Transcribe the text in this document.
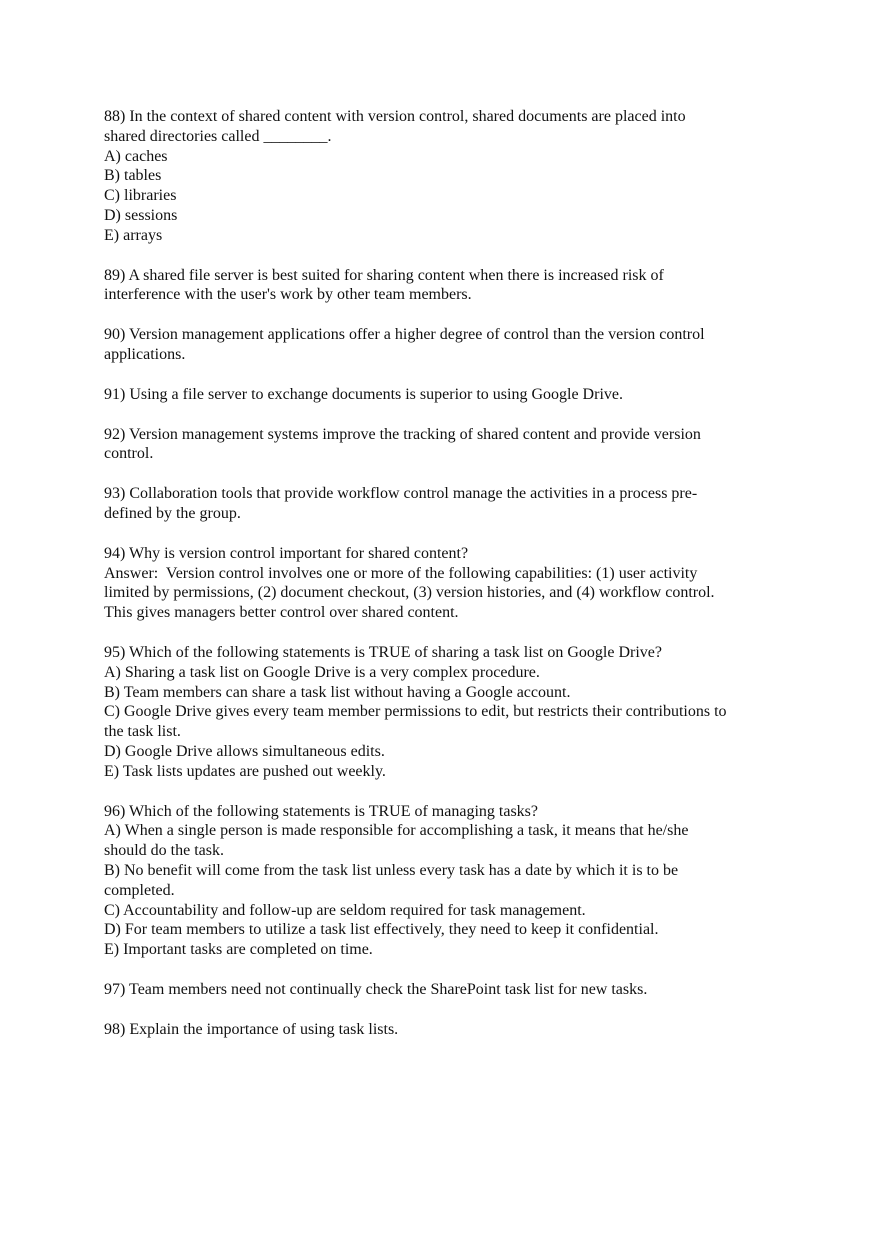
88) In the context of shared content with version control, shared documents are placed into
shared directories called ________.
A) caches
B) tables
C) libraries
D) sessions
E) arrays
89) A shared file server is best suited for sharing content when there is increased risk of
interference with the user's work by other team members.
90) Version management applications offer a higher degree of control than the version control
applications.
91) Using a file server to exchange documents is superior to using Google Drive.
92) Version management systems improve the tracking of shared content and provide version
control.
93) Collaboration tools that provide workflow control manage the activities in a process pre-
defined by the group.
94) Why is version control important for shared content?
Answer:  Version control involves one or more of the following capabilities: (1) user activity
limited by permissions, (2) document checkout, (3) version histories, and (4) workflow control.
This gives managers better control over shared content.
95) Which of the following statements is TRUE of sharing a task list on Google Drive?
A) Sharing a task list on Google Drive is a very complex procedure.
B) Team members can share a task list without having a Google account.
C) Google Drive gives every team member permissions to edit, but restricts their contributions to
the task list.
D) Google Drive allows simultaneous edits.
E) Task lists updates are pushed out weekly.
96) Which of the following statements is TRUE of managing tasks?
A) When a single person is made responsible for accomplishing a task, it means that he/she
should do the task.
B) No benefit will come from the task list unless every task has a date by which it is to be
completed.
C) Accountability and follow-up are seldom required for task management.
D) For team members to utilize a task list effectively, they need to keep it confidential.
E) Important tasks are completed on time.
97) Team members need not continually check the SharePoint task list for new tasks.
98) Explain the importance of using task lists.
